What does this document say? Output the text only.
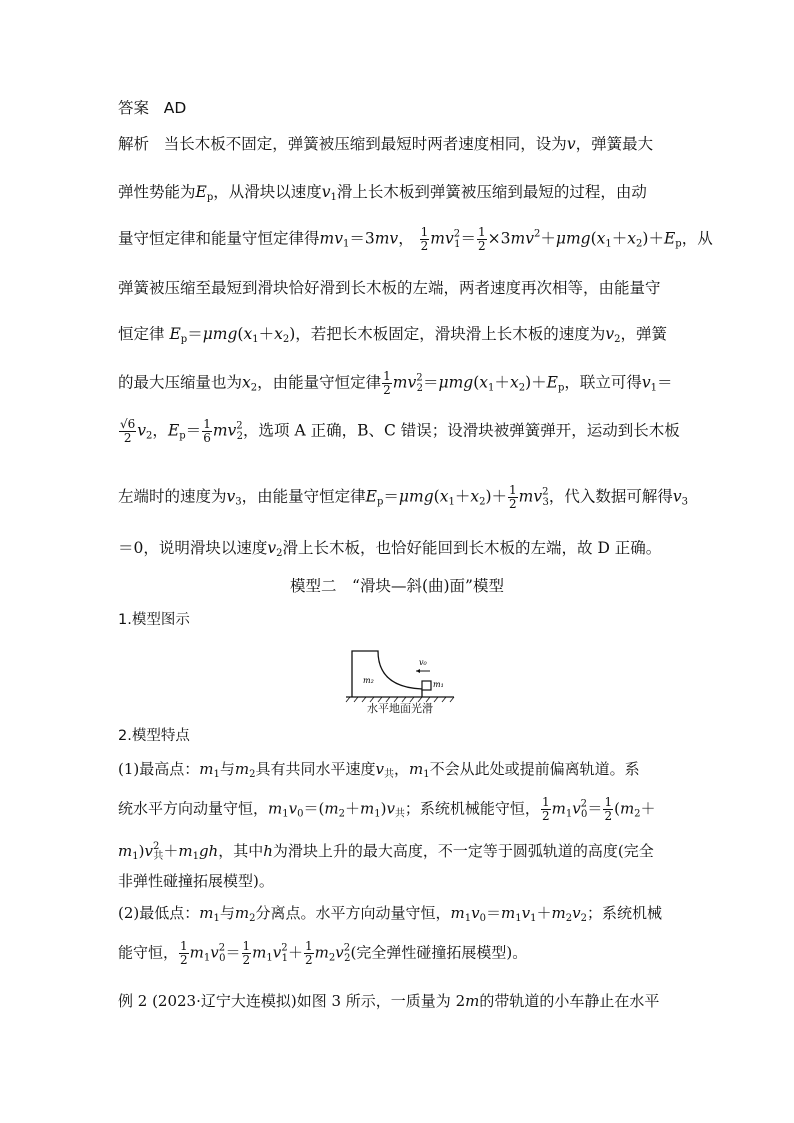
答案 AD
解析 当长木板不固定，弹簧被压缩到最短时两者速度相同，设为v，弹簧最大
弹性势能为$E_p$，从滑块以速度$v_1$滑上长木板到弹簧被压缩到最短的过程，由动
量守恒定律和能量守恒定律得$mv_1=3mv$， $\frac{1}{2} mv^2_1= \frac{1}{2} \times 3mv^2+\mu mg(x_1+x_2)+E_p$，从
弹簧被压缩至最短到滑块恰好滑到长木板的左端，两者速度再次相等，由能量守
恒定律 $E_p=\mu mg(x_1+x_2)$，若把长木板固定，滑块滑上长木板的速度为$v_2$，弹簧
的最大压缩量也为$x_2$，由能量守恒定律 $\frac{1}{2} mv^2_2=\mu mg(x_1+x_2)+E_p$，联立可得$v_1=$
$\frac{√6}{2} v_2$，$E_p= \frac{1}{6} mv^2_2$，选项 A 正确，B、C 错误；设滑块被弹簧弹开，运动到长木板
左端时的速度为$v_3$，由能量守恒定律$E_p=\mu mg(x_1+x_2)+ \frac{1}{2} mv^2_3$，代入数据可解得$v_3$
＝0，说明滑块以速度$v_2$滑上长木板，也恰好能回到长木板的左端，故 D 正确。
模型二　“滑块—斜(曲)面”模型
1.模型图示
m₂	m₁
v₀
水平地面光滑
2.模型特点
(1)最高点：$m_1$与$m_2$具有共同水平速度$v_共$，$m_1$不会从此处或提前偏离轨道。系
统水平方向动量守恒，$m_1v_0=(m_2+m_1)v_共$；系统机械能守恒， $\frac{1}{2} m_1v^2_0= \frac{1}{2} (m_2+$
$m_1)v^2_共+m_1gh$，其中h为滑块上升的最大高度，不一定等于圆弧轨道的高度(完全
非弹性碰撞拓展模型)。
(2)最低点：$m_1$与$m_2$分离点。水平方向动量守恒，$m_1v_0=m_1v_1+m_2v_2$；系统机械
能守恒， $\frac{1}{2} m_1v^2_0= \frac{1}{2} m_1v^2_1+ \frac{1}{2} m_2v^2_2$(完全弹性碰撞拓展模型)。
例 2 (2023·辽宁大连模拟)如图 3 所示，一质量为 2m的带轨道的小车静止在水平
